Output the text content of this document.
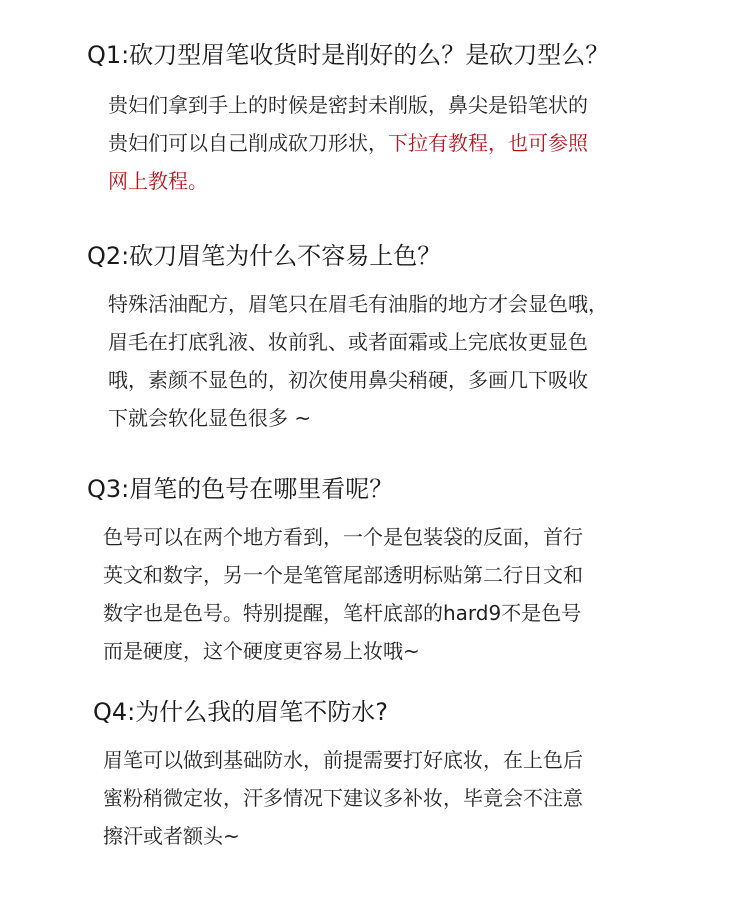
Q1:砍刀型眉笔收货时是削好的么？是砍刀型么？
贵妇们拿到手上的时候是密封未削版，鼻尖是铅笔状的
贵妇们可以自己削成砍刀形状，下拉有教程，也可参照
网上教程。
Q2:砍刀眉笔为什么不容易上色？
特殊活油配方，眉笔只在眉毛有油脂的地方才会显色哦，
眉毛在打底乳液、妆前乳、或者面霜或上完底妆更显色
哦，素颜不显色的，初次使用鼻尖稍硬，多画几下吸收
下就会软化显色很多 ~
Q3:眉笔的色号在哪里看呢？
色号可以在两个地方看到，一个是包装袋的反面，首行
英文和数字，另一个是笔管尾部透明标贴第二行日文和
数字也是色号。特别提醒，笔杆底部的hard9不是色号
而是硬度，这个硬度更容易上妆哦~
Q4:为什么我的眉笔不防水?
眉笔可以做到基础防水，前提需要打好底妆，在上色后
蜜粉稍微定妆，汗多情况下建议多补妆，毕竟会不注意
擦汗或者额头~
